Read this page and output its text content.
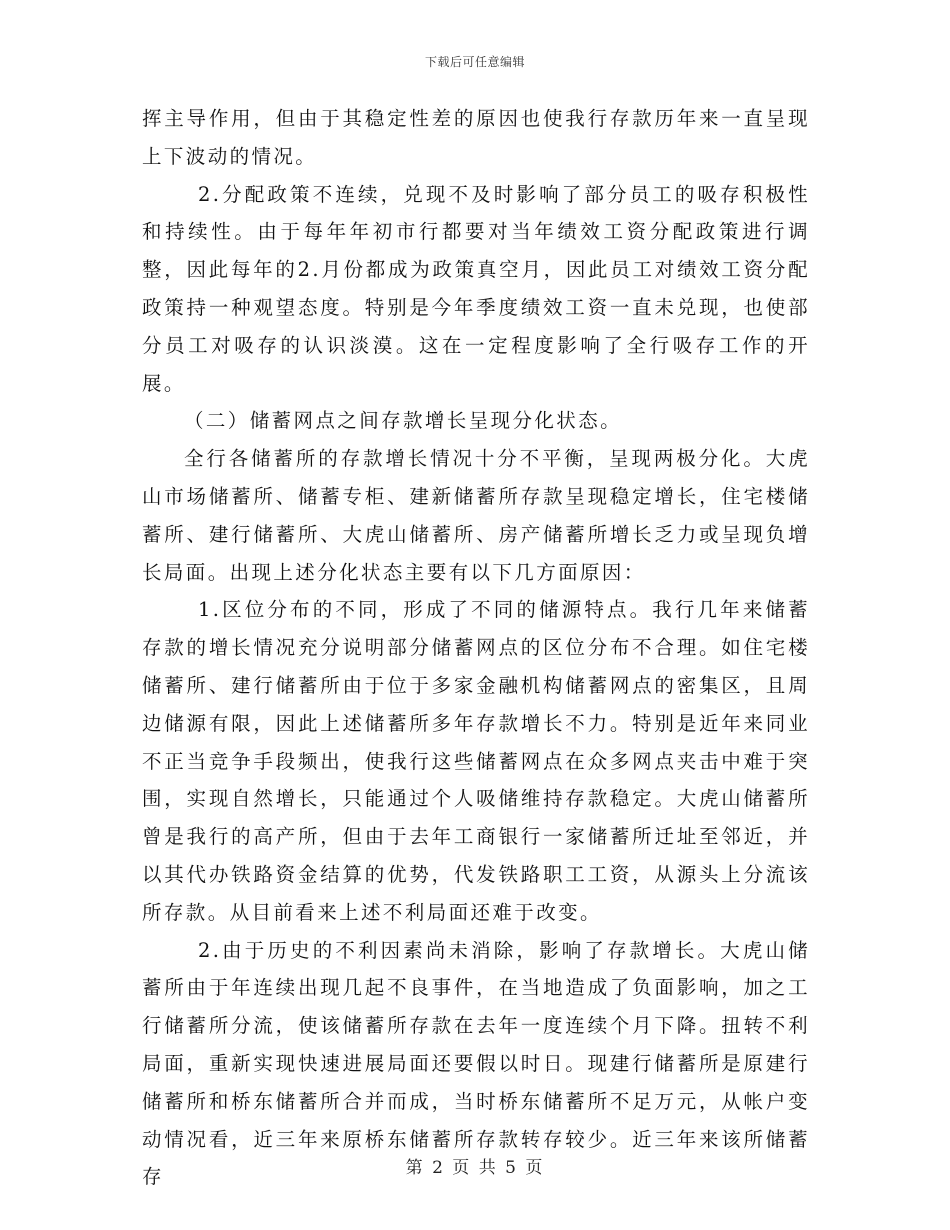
下载后可任意编辑

挥主导作用，但由于其稳定性差的原因也使我行存款历年来一直呈现上下波动的情况。

2.分配政策不连续，兑现不及时影响了部分员工的吸存积极性和持续性。由于每年年初市行都要对当年绩效工资分配政策进行调整，因此每年的2.月份都成为政策真空月，因此员工对绩效工资分配政策持一种观望态度。特别是今年季度绩效工资一直未兑现，也使部分员工对吸存的认识淡漠。这在一定程度影响了全行吸存工作的开展。

（二）储蓄网点之间存款增长呈现分化状态。

全行各储蓄所的存款增长情况十分不平衡，呈现两极分化。大虎山市场储蓄所、储蓄专柜、建新储蓄所存款呈现稳定增长，住宅楼储蓄所、建行储蓄所、大虎山储蓄所、房产储蓄所增长乏力或呈现负增长局面。出现上述分化状态主要有以下几方面原因：

1.区位分布的不同，形成了不同的储源特点。我行几年来储蓄存款的增长情况充分说明部分储蓄网点的区位分布不合理。如住宅楼储蓄所、建行储蓄所由于位于多家金融机构储蓄网点的密集区，且周边储源有限，因此上述储蓄所多年存款增长不力。特别是近年来同业不正当竞争手段频出，使我行这些储蓄网点在众多网点夹击中难于突围，实现自然增长，只能通过个人吸储维持存款稳定。大虎山储蓄所曾是我行的高产所，但由于去年工商银行一家储蓄所迁址至邻近，并以其代办铁路资金结算的优势，代发铁路职工工资，从源头上分流该所存款。从目前看来上述不利局面还难于改变。

2.由于历史的不利因素尚未消除，影响了存款增长。大虎山储蓄所由于年连续出现几起不良事件，在当地造成了负面影响，加之工行储蓄所分流，使该储蓄所存款在去年一度连续个月下降。扭转不利局面，重新实现快速进展局面还要假以时日。现建行储蓄所是原建行储蓄所和桥东储蓄所合并而成，当时桥东储蓄所不足万元，从帐户变动情况看，近三年来原桥东储蓄所存款转存较少。近三年来该所储蓄存	第 2 页 共 5 页
